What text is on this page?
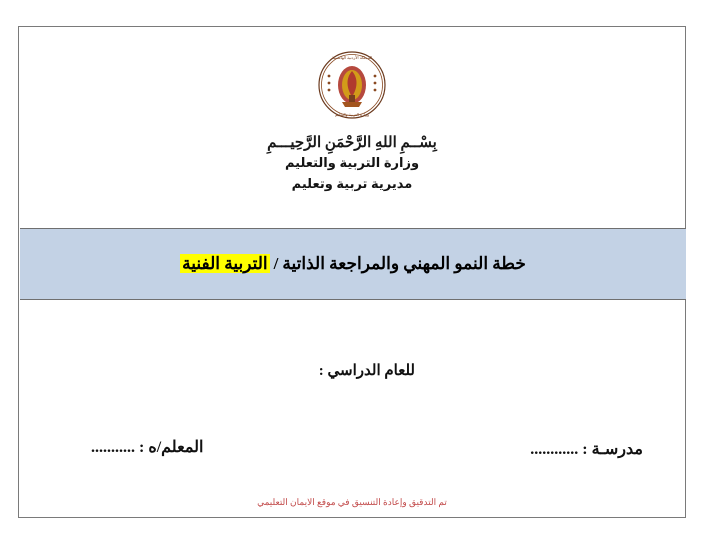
المملكة الأردنية الهاشمية
وزارة التربية والتعليم
بِسْــمِ اللهِ الرَّحْمَنِ الرَّحِيـــمِ
وزارة التربية والتعليم
مديرية تربية وتعليم
خطة النمو المهني والمراجعة الذاتية/التربية الفنية
للعام الدراسي :
مدرسـة : ............
المعلم/ه : ...........
تم التدقيق وإعادة التنسيق في موقع الايمان التعليمي
